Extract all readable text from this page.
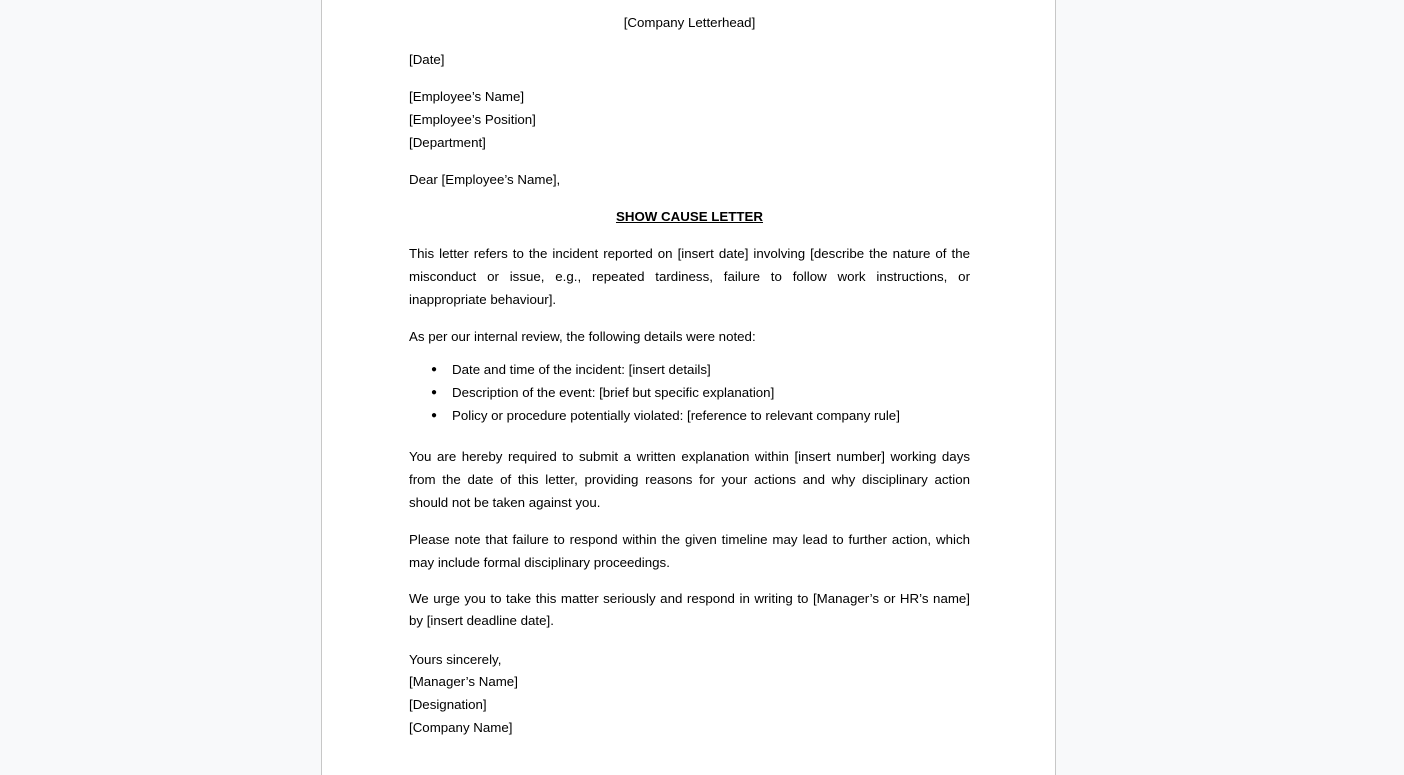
[Company Letterhead]

[Date]

[Employee’s Name]

[Employee’s Position]

[Department]

Dear [Employee’s Name],

SHOW CAUSE LETTER

This letter refers to the incident reported on [insert date] involving [describe the nature of the misconduct or issue, e.g., repeated tardiness, failure to follow work instructions, or inappropriate behaviour].

As per our internal review, the following details were noted:

● Date and time of the incident: [insert details]
● Description of the event: [brief but specific explanation]
● Policy or procedure potentially violated: [reference to relevant company rule]

You are hereby required to submit a written explanation within [insert number] working days from the date of this letter, providing reasons for your actions and why disciplinary action should not be taken against you.

Please note that failure to respond within the given timeline may lead to further action, which may include formal disciplinary proceedings.

We urge you to take this matter seriously and respond in writing to [Manager’s or HR’s name] by [insert deadline date].

Yours sincerely,

[Manager’s Name]

[Designation]

[Company Name]
